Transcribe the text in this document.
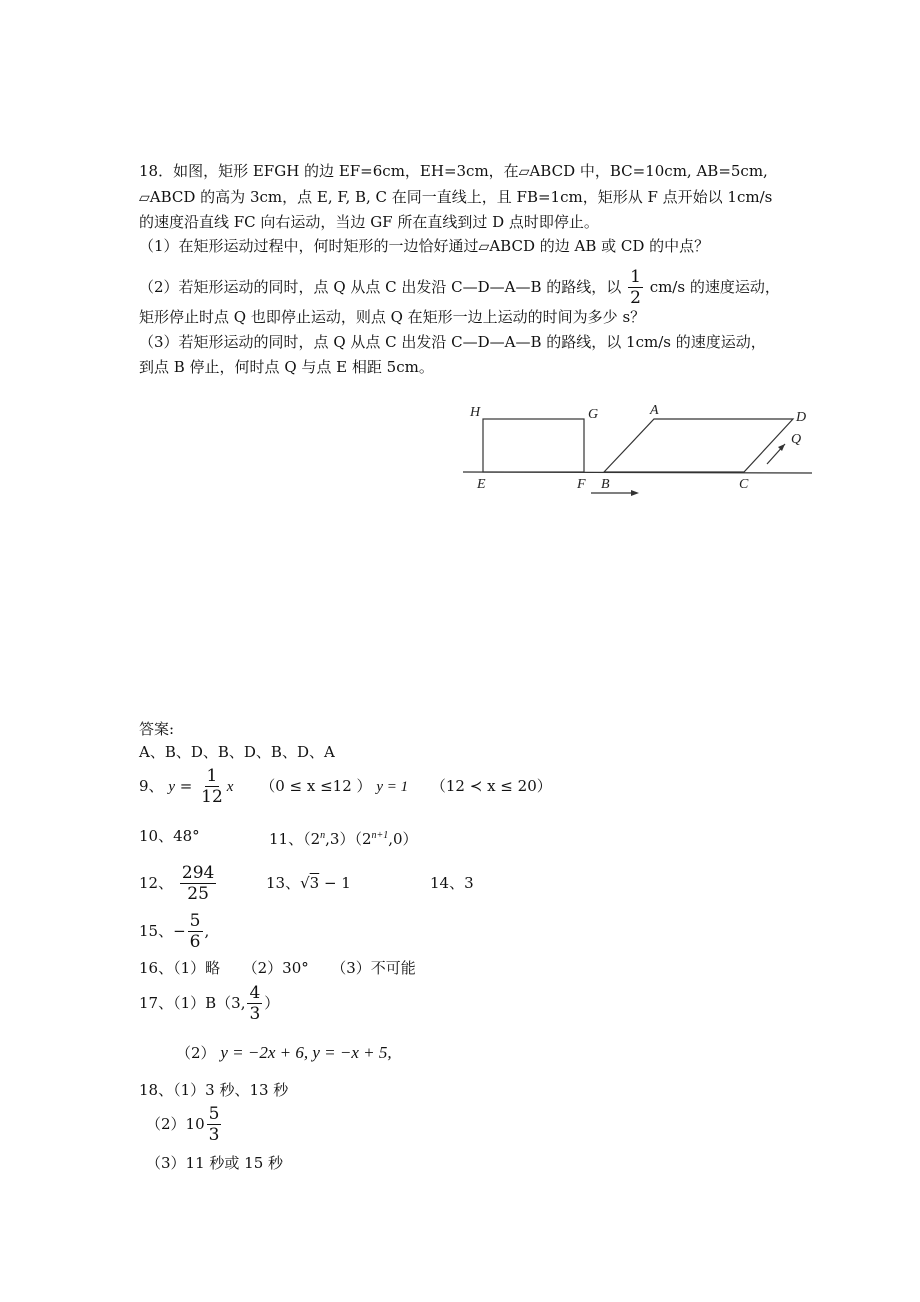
18．如图，矩形 EFGH 的边 EF=6cm，EH=3cm，在▱ABCD 中，BC=10cm, AB=5cm,
▱ABCD 的高为 3cm，点 E, F, B, C 在同一直线上，且 FB=1cm，矩形从 F 点开始以 1cm/s
的速度沿直线 FC 向右运动，当边 GF 所在直线到过 D 点时即停止。
（1）在矩形运动过程中，何时矩形的一边恰好通过▱ABCD 的边 AB 或 CD 的中点？
（2）若矩形运动的同时，点 Q 从点 C 出发沿 C—D—A—B 的路线，以 $\frac{1}{2} cm/s$ 的速度运动，
矩形停止时点 Q 也即停止运动，则点 Q 在矩形一边上运动的时间为多少 s？
（3）若矩形运动的同时，点 Q 从点 C 出发沿 C—D—A—B 的路线，以 1cm/s 的速度运动，
到点 B 停止，何时点 Q 与点 E 相距 5cm。
H	G	A	D
Q
E	F B	C
答案:
A、B、D、B、D、B、D、A
9、 $y = \frac{1}{12}$ x （0 ≤ x ≤12 ） y = 1 （12 ≺ x ≤ 20）
10、48°	11、$(2^n,3)(2^{n+1},0)$
12、 $\frac{294}{25}$	13、√3 − 1	14、3
15、− $\frac{5}{6}$ ,
16、（1）略　　（2）30°　　（3）不可能
17、（1）B（3, $\frac{4}{3}$ ）
（2） y = −2x + 6, y = −x + 5,
18、（1）3 秒、13 秒
$(2)10 \frac{5}{3}$
（3）11 秒或 15 秒
